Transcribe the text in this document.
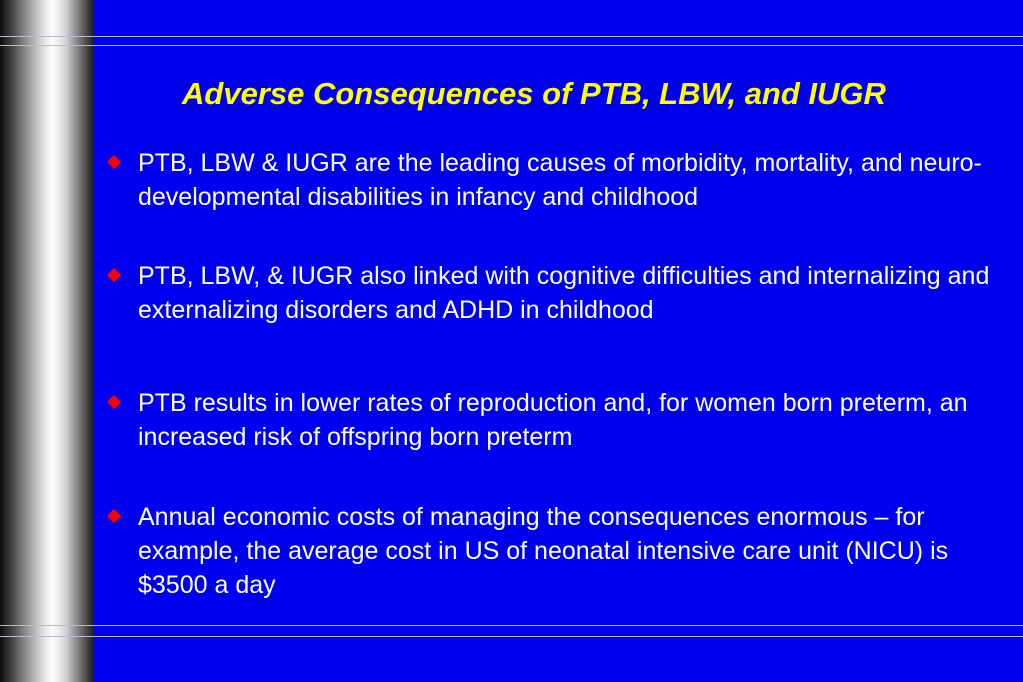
Adverse Consequences of PTB, LBW, and IUGR
PTB, LBW & IUGR are the leading causes of morbidity, mortality, and neuro-developmental disabilities in infancy and childhood
PTB, LBW, & IUGR also linked with cognitive difficulties and internalizing and externalizing disorders and ADHD in childhood
PTB results in lower rates of reproduction and, for women born preterm, an increased risk of offspring born preterm
Annual economic costs of managing the consequences enormous – for example, the average cost in US of neonatal intensive care unit (NICU) is $3500 a day
